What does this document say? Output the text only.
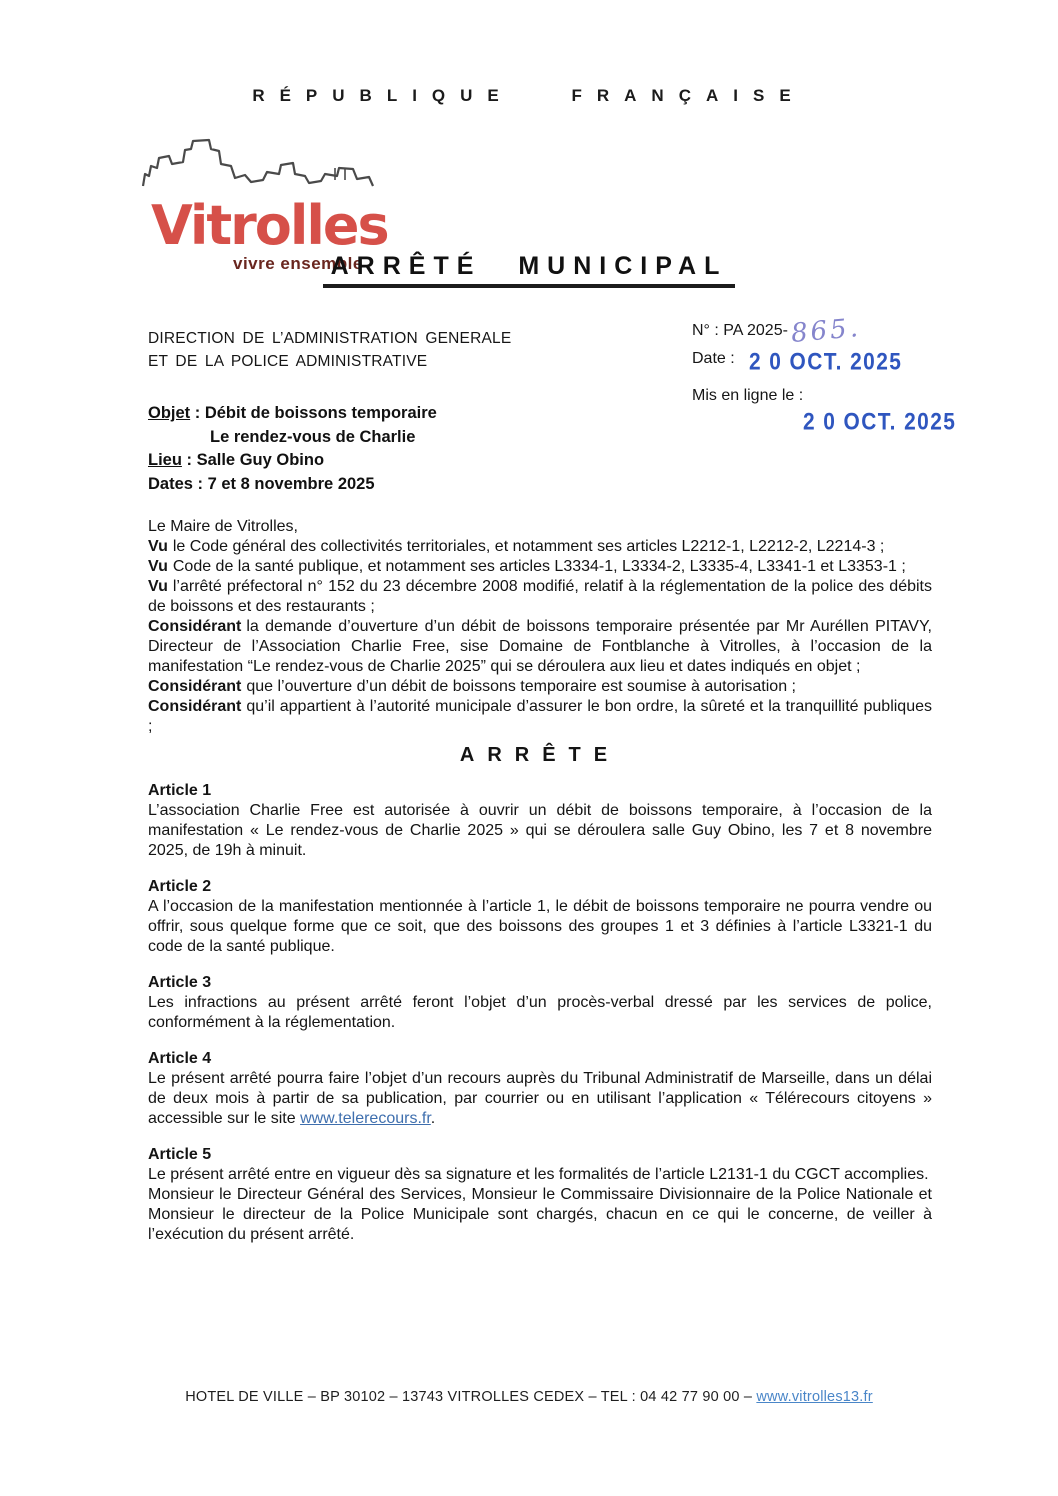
RÉPUBLIQUE FRANÇAISE
Vitrolles
vivre ensemble
ARRÊTÉ MUNICIPAL
DIRECTION DE L’ADMINISTRATION GENERALE
ET DE LA POLICE ADMINISTRATIVE
N° : PA 2025- 865.
Date : 2 0 OCT. 2025
Mis en ligne le :
2 0 OCT. 2025
Objet : Débit de boissons temporaire
Le rendez-vous de Charlie
Lieu : Salle Guy Obino
Dates : 7 et 8 novembre 2025

Le Maire de Vitrolles,

Vu le Code général des collectivités territoriales, et notamment ses articles L2212-1, L2212-2, L2214-3 ;

Vu Code de la santé publique, et notamment ses articles L3334-1, L3334-2, L3335-4, L3341-1 et L3353-1 ;

Vu l’arrêté préfectoral n° 152 du 23 décembre 2008 modifié, relatif à la réglementation de la police des débits de boissons et des restaurants ;

Considérant la demande d’ouverture d’un débit de boissons temporaire présentée par Mr Auréllen PITAVY, Directeur de l’Association Charlie Free, sise Domaine de Fontblanche à Vitrolles, à l’occasion de la manifestation “Le rendez-vous de Charlie 2025” qui se déroulera aux lieu et dates indiqués en objet ;

Considérant que l’ouverture d’un débit de boissons temporaire est soumise à autorisation ;

Considérant qu’il appartient à l’autorité municipale d’assurer le bon ordre, la sûreté et la tranquillité publiques ;

ARRÊTE
Article 1

L’association Charlie Free est autorisée à ouvrir un débit de boissons temporaire, à l’occasion de la manifestation « Le rendez-vous de Charlie 2025 » qui se déroulera salle Guy Obino, les 7 et 8 novembre 2025, de 19h à minuit.

Article 2

A l’occasion de la manifestation mentionnée à l’article 1, le débit de boissons temporaire ne pourra vendre ou offrir, sous quelque forme que ce soit, que des boissons des groupes 1 et 3 définies à l’article L3321-1 du code de la santé publique.

Article 3

Les infractions au présent arrêté feront l’objet d’un procès-verbal dressé par les services de police, conformément à la réglementation.

Article 4

Le présent arrêté pourra faire l’objet d’un recours auprès du Tribunal Administratif de Marseille, dans un délai de deux mois à partir de sa publication, par courrier ou en utilisant l’application « Télérecours citoyens » accessible sur le site www.telerecours.fr.

Article 5

Le présent arrêté entre en vigueur dès sa signature et les formalités de l’article L2131-1 du CGCT accomplies.

Monsieur le Directeur Général des Services, Monsieur le Commissaire Divisionnaire de la Police Nationale et Monsieur le directeur de la Police Municipale sont chargés, chacun en ce qui le concerne, de veiller à l’exécution du présent arrêté.

HOTEL DE VILLE – BP 30102 – 13743 VITROLLES CEDEX – TEL : 04 42 77 90 00 – www.vitrolles13.fr
